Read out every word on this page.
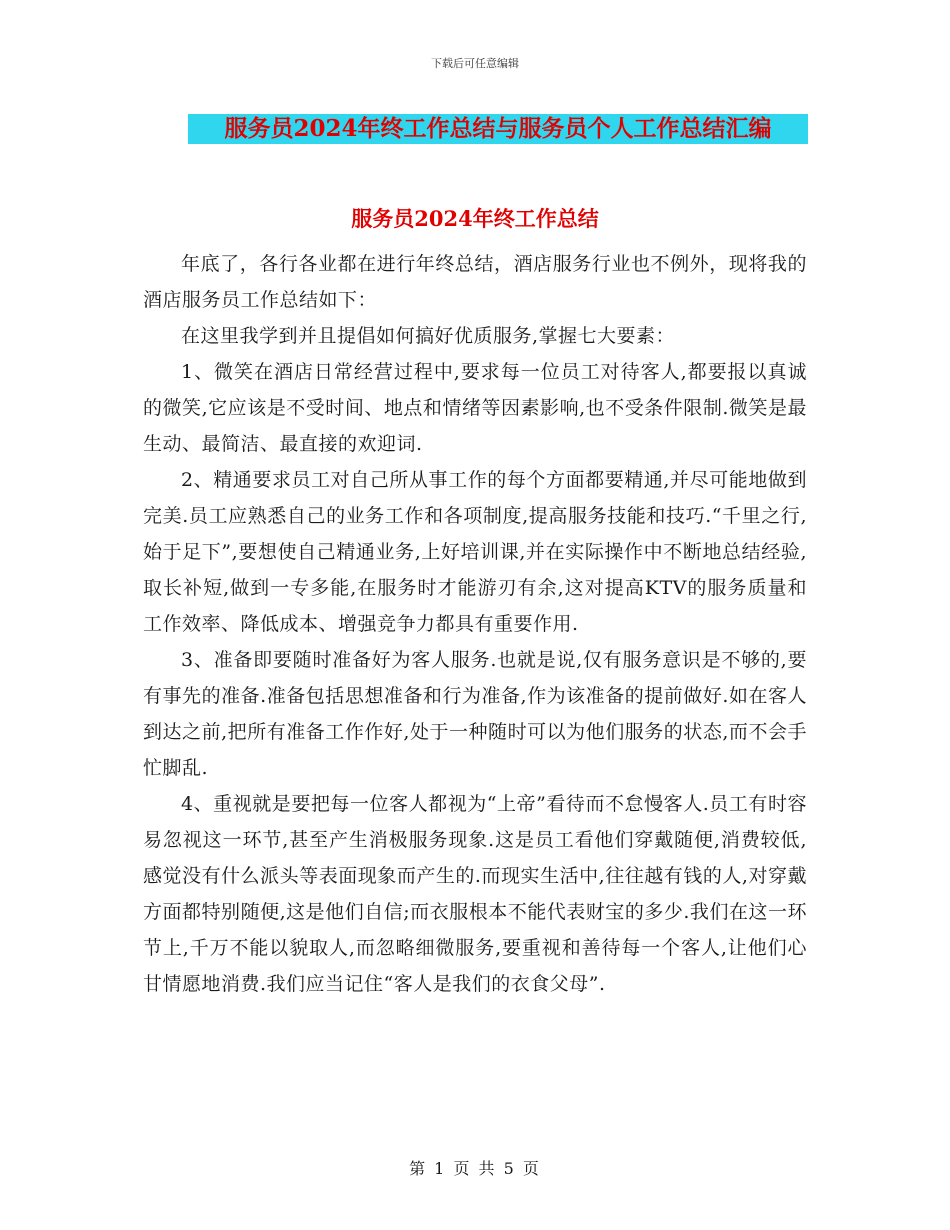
下载后可任意编辑
服务员2024年终工作总结与服务员个人工作总结汇编
服务员2024年终工作总结

年底了，各行各业都在进行年终总结，酒店服务行业也不例外，现将我的酒店服务员工作总结如下：

在这里我学到并且提倡如何搞好优质服务,掌握七大要素：

1、微笑在酒店日常经营过程中,要求每一位员工对待客人,都要报以真诚的微笑,它应该是不受时间、地点和情绪等因素影响,也不受条件限制.微笑是最生动、最简洁、最直接的欢迎词.

2、精通要求员工对自己所从事工作的每个方面都要精通,并尽可能地做到完美.员工应熟悉自己的业务工作和各项制度,提高服务技能和技巧.“千里之行,始于足下”,要想使自己精通业务,上好培训课,并在实际操作中不断地总结经验,取长补短,做到一专多能,在服务时才能游刃有余,这对提高KTV的服务质量和工作效率、降低成本、增强竞争力都具有重要作用.

3、准备即要随时准备好为客人服务.也就是说,仅有服务意识是不够的,要有事先的准备.准备包括思想准备和行为准备,作为该准备的提前做好.如在客人到达之前,把所有准备工作作好,处于一种随时可以为他们服务的状态,而不会手忙脚乱.

4、重视就是要把每一位客人都视为“上帝”看待而不怠慢客人.员工有时容易忽视这一环节,甚至产生消极服务现象.这是员工看他们穿戴随便,消费较低,感觉没有什么派头等表面现象而产生的.而现实生活中,往往越有钱的人,对穿戴方面都特别随便,这是他们自信;而衣服根本不能代表财宝的多少.我们在这一环节上,千万不能以貌取人,而忽略细微服务,要重视和善待每一个客人,让他们心甘情愿地消费.我们应当记住“客人是我们的衣食父母”.

第 1 页 共 5 页
